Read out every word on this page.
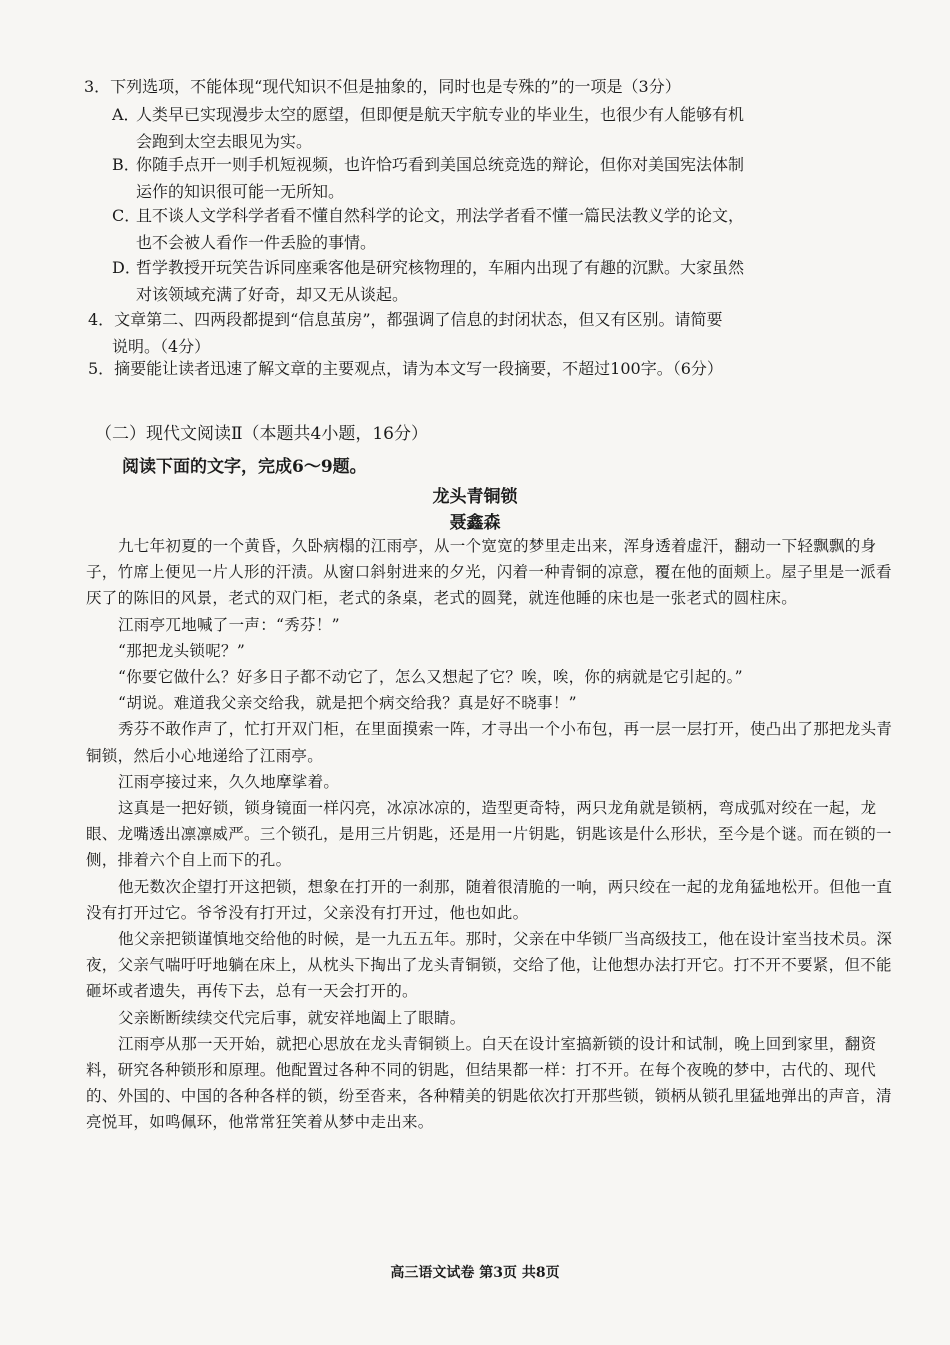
3．下列选项，不能体现“现代知识不但是抽象的，同时也是专殊的”的一项是（3分）
A．人类早已实现漫步太空的愿望，但即便是航天宇航专业的毕业生，也很少有人能够有机
会跑到太空去眼见为实。
B．你随手点开一则手机短视频，也许恰巧看到美国总统竞选的辩论，但你对美国宪法体制
运作的知识很可能一无所知。
C．且不谈人文学科学者看不懂自然科学的论文，刑法学者看不懂一篇民法教义学的论文，
也不会被人看作一件丢脸的事情。
D．哲学教授开玩笑告诉同座乘客他是研究核物理的，车厢内出现了有趣的沉默。大家虽然
对该领域充满了好奇，却又无从谈起。
4．文章第二、四两段都提到“信息茧房”，都强调了信息的封闭状态，但又有区别。请简要
说明。（4分）
5．摘要能让读者迅速了解文章的主要观点，请为本文写一段摘要，不超过100字。（6分）
（二）现代文阅读Ⅱ（本题共4小题，16分）
阅读下面的文字，完成6～9题。
龙头青铜锁
聂鑫森

九七年初夏的一个黄昏，久卧病榻的江雨亭，从一个宽宽的梦里走出来，浑身透着虚汗，翻动一下轻飘飘的身子，竹席上便见一片人形的汗渍。从窗口斜射进来的夕光，闪着一种青铜的凉意，覆在他的面颊上。屋子里是一派看厌了的陈旧的风景，老式的双门柜，老式的条桌，老式的圆凳，就连他睡的床也是一张老式的圆柱床。

江雨亭兀地喊了一声：“秀芬！”

“那把龙头锁呢？”

“你要它做什么？好多日子都不动它了，怎么又想起了它？唉，唉，你的病就是它引起的。”

“胡说。难道我父亲交给我，就是把个病交给我？真是好不晓事！”

秀芬不敢作声了，忙打开双门柜，在里面摸索一阵，才寻出一个小布包，再一层一层打开，使凸出了那把龙头青铜锁，然后小心地递给了江雨亭。

江雨亭接过来，久久地摩挲着。

这真是一把好锁，锁身镜面一样闪亮，冰凉冰凉的，造型更奇特，两只龙角就是锁柄，弯成弧对绞在一起，龙眼、龙嘴透出凛凛威严。三个锁孔，是用三片钥匙，还是用一片钥匙，钥匙该是什么形状，至今是个谜。而在锁的一侧，排着六个自上而下的孔。

他无数次企望打开这把锁，想象在打开的一刹那，随着很清脆的一响，两只绞在一起的龙角猛地松开。但他一直没有打开过它。爷爷没有打开过，父亲没有打开过，他也如此。

他父亲把锁谨慎地交给他的时候，是一九五五年。那时，父亲在中华锁厂当高级技工，他在设计室当技术员。深夜，父亲气喘吁吁地躺在床上，从枕头下掏出了龙头青铜锁，交给了他，让他想办法打开它。打不开不要紧，但不能砸坏或者遗失，再传下去，总有一天会打开的。

父亲断断续续交代完后事，就安祥地阖上了眼睛。

江雨亭从那一天开始，就把心思放在龙头青铜锁上。白天在设计室搞新锁的设计和试制，晚上回到家里，翻资料，研究各种锁形和原理。他配置过各种不同的钥匙，但结果都一样：打不开。在每个夜晚的梦中，古代的、现代的、外国的、中国的各种各样的锁，纷至沓来，各种精美的钥匙依次打开那些锁，锁柄从锁孔里猛地弹出的声音，清亮悦耳，如鸣佩环，他常常狂笑着从梦中走出来。

高三语文试卷 第3页 共8页
